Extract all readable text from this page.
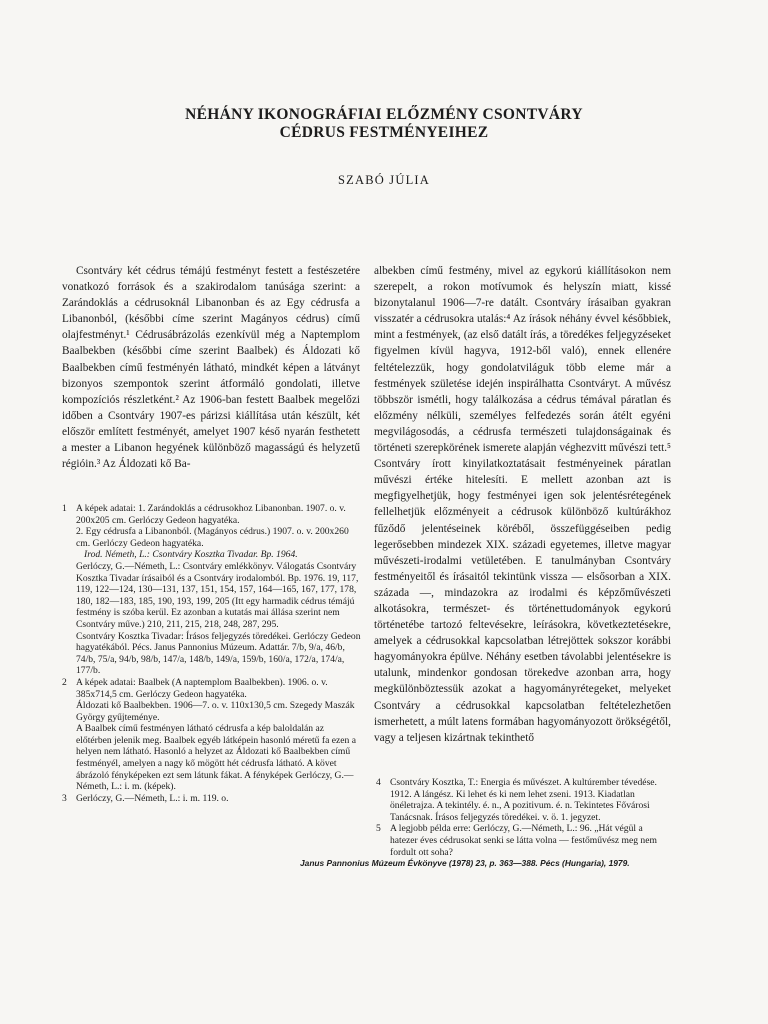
NÉHÁNY IKONOGRÁFIAI ELŐZMÉNY CSONTVÁRY
CÉDRUS FESTMÉNYEIHEZ
SZABÓ JÚLIA

Csontváry két cédrus témájú festményt festett a festészetére vonatkozó források és a szakirodalom tanúsága szerint: a Zarándoklás a cédrusoknál Libanonban és az Egy cédrusfa a Libanonból, (későbbi címe szerint Magányos cédrus) című olajfestményt.¹ Cédrusábrázolás ezenkívül még a Naptemplom Baalbekben (későbbi címe szerint Baalbek) és Áldozati kő Baalbekben című festményén látható, mindkét képen a látványt bizonyos szempontok szerint átformáló gondolati, illetve kompozíciós részletként.² Az 1906-ban festett Baalbek megelőzi időben a Csontváry 1907-es párizsi kiállítása után készült, két először említett festményét, amelyet 1907 késő nyarán festhetett a mester a Libanon hegyének különböző magasságú és helyzetű régióin.³ Az Áldozati kő Ba-

albekben című festmény, mivel az egykorú kiállításokon nem szerepelt, a rokon motívumok és helyszín miatt, kissé bizonytalanul 1906—7-re datált. Csontváry írásaiban gyakran visszatér a cédrusokra utalás:⁴ Az írások néhány évvel későbbiek, mint a festmények, (az első datált írás, a töredékes feljegyzéseket figyelmen kívül hagyva, 1912-ből való), ennek ellenére feltételezzük, hogy gondolatviláguk több eleme már a festmények születése idején inspirálhatta Csontváryt. A művész többször ismétli, hogy találkozása a cédrus témával páratlan és előzmény nélküli, személyes felfedezés során átélt egyéni megvilágosodás, a cédrusfa természeti tulajdonságainak és történeti szerepkörének ismerete alapján véghezvitt művészi tett.⁵ Csontváry írott kinyilatkoztatásait festményeinek páratlan művészi értéke hitelesíti. E mellett azonban azt is megfigyelhetjük, hogy festményei igen sok jelentésrétegének fellelhetjük előzményeit a cédrusok különböző kultúrákhoz fűződő jelentéseinek köréből, összefüggéseiben pedig legerősebben mindezek XIX. századi egyetemes, illetve magyar művészeti-irodalmi vetületében. E tanulmányban Csontváry festményeitől és írásaitól tekintünk vissza — elsősorban a XIX. százada —, mindazokra az irodalmi és képzőművészeti alkotásokra, természet- és történettudományok egykorú történetébe tartozó feltevésekre, leírásokra, következtetésekre, amelyek a cédrusokkal kapcsolatban létrejöttek sokszor korábbi hagyományokra épülve. Néhány esetben távolabbi jelentésekre is utalunk, mindenkor gondosan törekedve azonban arra, hogy megkülönböztessük azokat a hagyományrétegeket, melyeket Csontváry a cédrusokkal kapcsolatban feltételezhetően ismerhetett, a múlt latens formában hagyományozott örökségétől, vagy a teljesen kizártnak tekinthető

1 A képek adatai: 1. Zarándoklás a cédrusokhoz Libanonban. 1907. o. v. 200x205 cm. Gerlóczy Gedeon hagyatéka.
2. Egy cédrusfa a Libanonból. (Magányos cédrus.) 1907. o. v. 200x260 cm. Gerlóczy Gedeon hagyatéka.
Irod. Németh, L.: Csontváry Kosztka Tivadar. Bp. 1964.
Gerlóczy, G.—Németh, L.: Csontváry emlékkönyv. Válogatás Csontváry Kosztka Tivadar írásaiból és a Csontváry irodalomból. Bp. 1976. 19, 117, 119, 122—124, 130—131, 137, 151, 154, 157, 164—165, 167, 177, 178, 180, 182—183, 185, 190, 193, 199, 205 (Itt egy harmadik cédrus témájú festmény is szóba kerül. Ez azonban a kutatás mai állása szerint nem Csontváry műve.) 210, 211, 215, 218, 248, 287, 295.
Csontváry Kosztka Tivadar: Írásos feljegyzés töredékei. Gerlóczy Gedeon hagyatékából. Pécs. Janus Pannonius Múzeum. Adattár. 7/b, 9/a, 46/b, 74/b, 75/a, 94/b, 98/b, 147/a, 148/b, 149/a, 159/b, 160/a, 172/a, 174/a, 177/b.
2 A képek adatai: Baalbek (A naptemplom Baalbekben). 1906. o. v. 385x714,5 cm. Gerlóczy Gedeon hagyatéka.
Áldozati kő Baalbekben. 1906—7. o. v. 110x130,5 cm. Szegedy Maszák György gyűjteménye.
A Baalbek című festményen látható cédrusfa a kép baloldalán az előtérben jelenik meg. Baalbek egyéb látképein hasonló méretű fa ezen a helyen nem látható. Hasonló a helyzet az Áldozati kő Baalbekben című festményél, amelyen a nagy kő mögött hét cédrusfa látható. A követ ábrázoló fényképeken ezt sem látunk fákat. A fényképek Gerlóczy, G.—Németh, L.: i. m. (képek).
3 Gerlóczy, G.—Németh, L.: i. m. 119. o.
4 Csontváry Kosztka, T.: Energia és művészet. A kultúrember tévedése. 1912. A lángész. Ki lehet és ki nem lehet zseni. 1913. Kiadatlan önéletrajza. A tekintély. é. n., A pozitivum. é. n. Tekintetes Fővárosi Tanácsnak. Írásos feljegyzés töredékei. v. ö. 1. jegyzet.
5 A legjobb példa erre: Gerlóczy, G.—Németh, L.: 96. „Hát végül a hatezer éves cédrusokat senki se látta volna — festőművész meg nem fordult ott soha?
Janus Pannonius Múzeum Évkönyve (1978) 23, p. 363—388. Pécs (Hungaria), 1979.
